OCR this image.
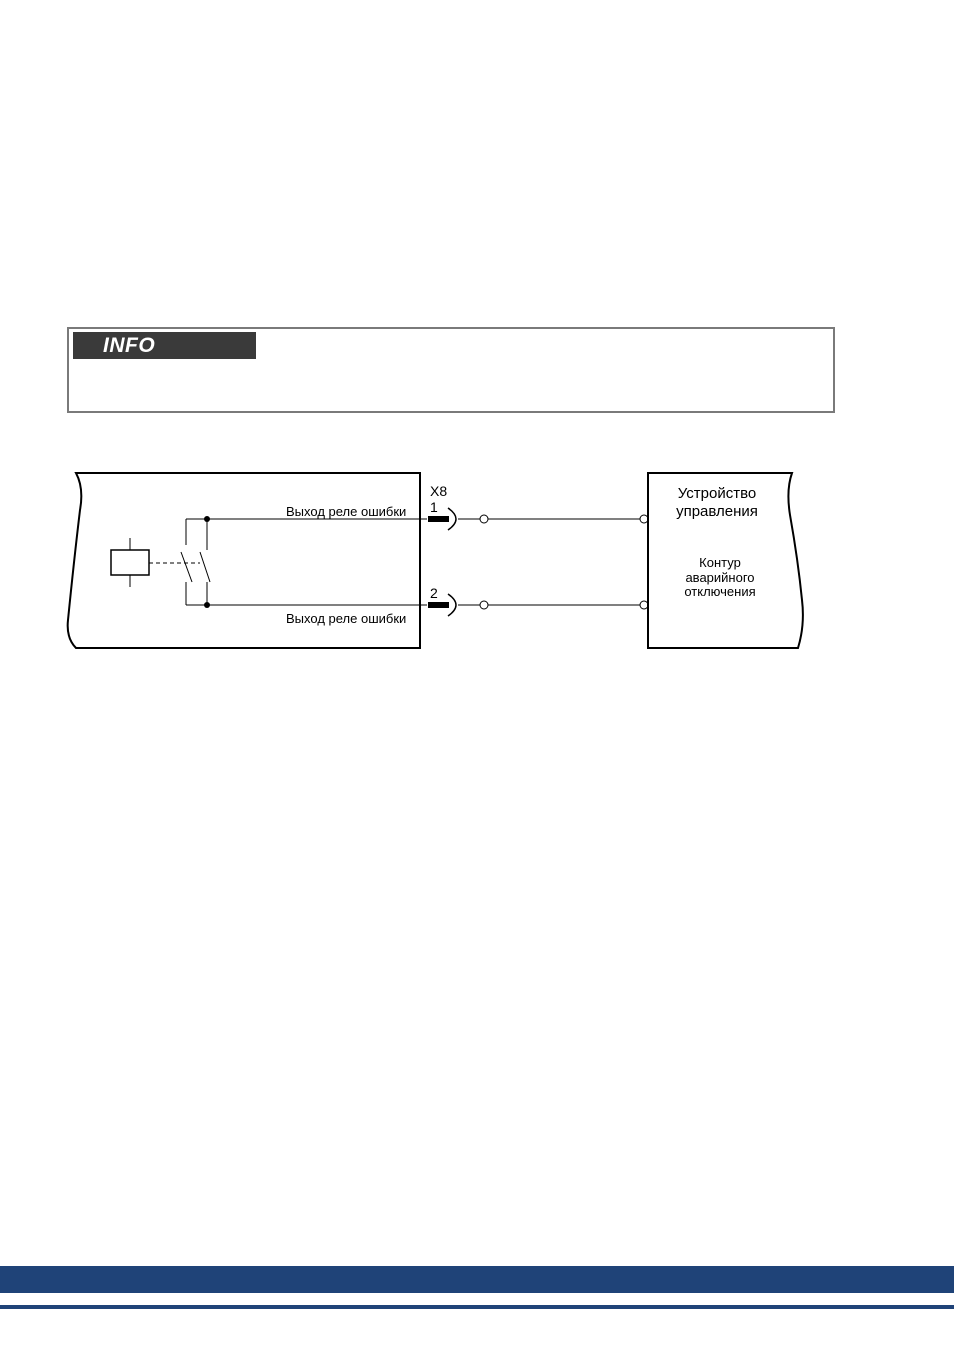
INFO
Выход реле ошибки
Выход реле ошибки
X8
1
2
Устройство
управления
Контур
аварийного
отключения
